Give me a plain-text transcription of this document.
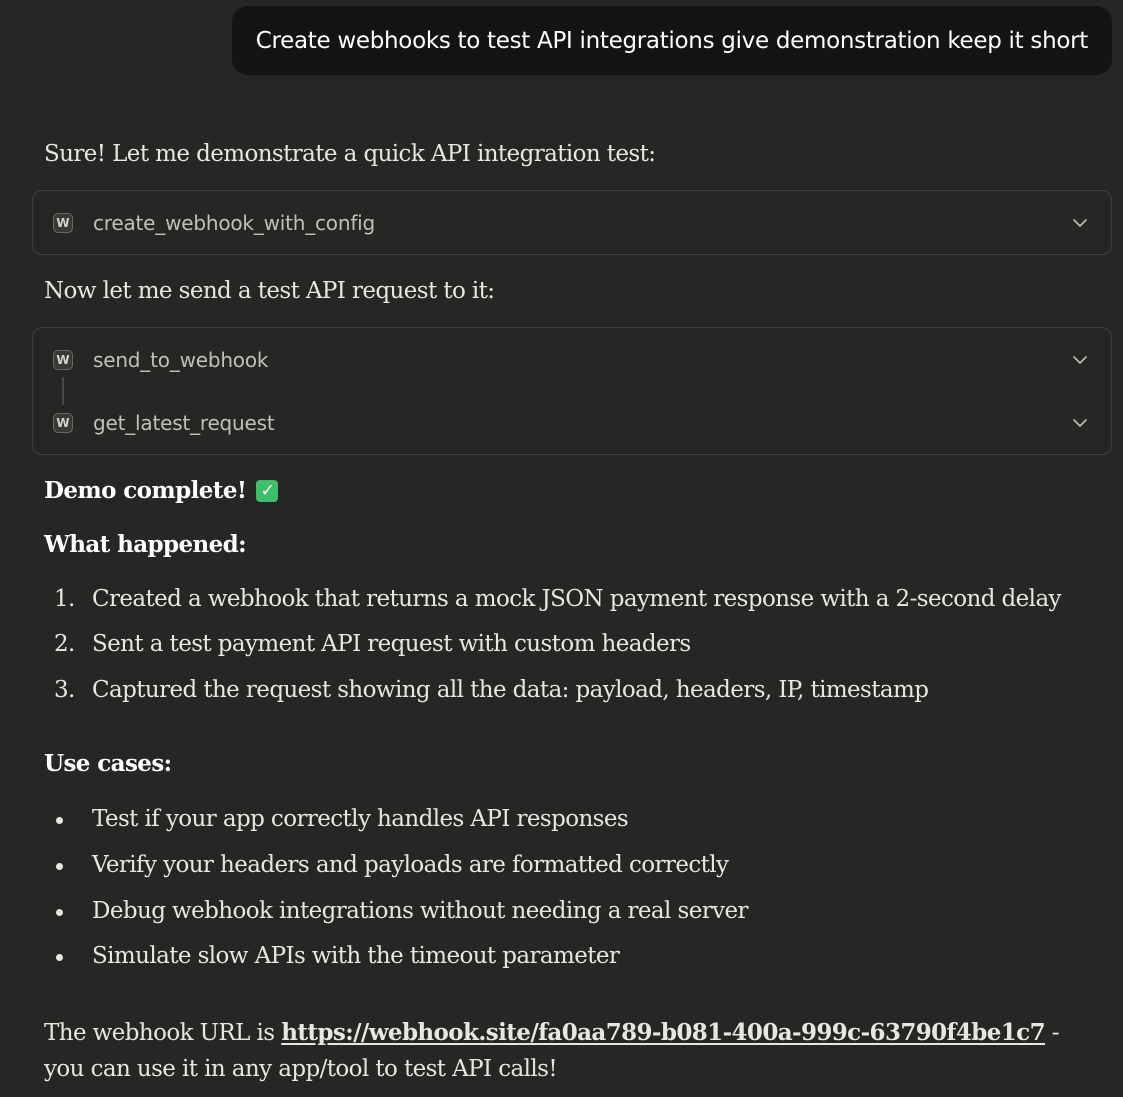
Create webhooks to test API integrations give demonstration keep it short

Sure! Let me demonstrate a quick API integration test:

W create_webhook_with_config

Now let me send a test API request to it:

W send_to_webhook
W get_latest_request
Demo complete! ✓
What happened:
1. Created a webhook that returns a mock JSON payment response with a 2-second delay
2. Sent a test payment API request with custom headers
3. Captured the request showing all the data: payload, headers, IP, timestamp
Use cases:
Test if your app correctly handles API responses
Verify your headers and payloads are formatted correctly
Debug webhook integrations without needing a real server
Simulate slow APIs with the timeout parameter

The webhook URL is https://webhook.site/fa0aa789-b081-400a-999c-63790f4be1c7 - you can use it in any app/tool to test API calls!
